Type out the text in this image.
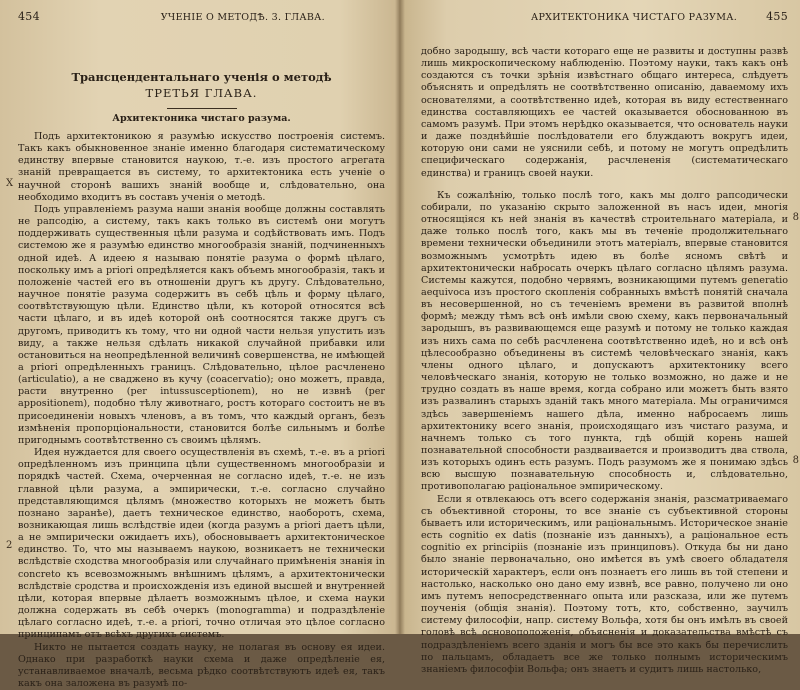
454	УЧЕНІЕ О МЕТОДѢ. 3. ГЛАВА.

Трансцендентальнаго ученія о методѣ

ТРЕТЬЯ ГЛАВА.

Архитектоника чистаго разума.

Подъ архитектоникою я разумѣю искусство построенія системъ. Такъ какъ обыкновенное знаніе именно благодаря систематическому единству впервые становится наукою, т.-е. изъ простого агрегата знаній превращается въ систему, то архитектоника есть ученіе о научной сторонѣ вашихъ знаній вообще и, слѣдовательно, она необходимо входитъ въ составъ ученія о методѣ.

Подъ управленіемъ разума наши знанія вообще должны составлять не рапсодію, а систему, такъ какъ только въ системѣ они могутъ поддерживать существенныя цѣли разума и содѣйствовать имъ. Подъ системою же я разумѣю единство многообразія знаній, подчиненныхъ одной идеѣ. А идеею я называю понятіе разума о формѣ цѣлаго, поскольку имъ a priori опредѣляется какъ объемъ многообразія, такъ и положеніе частей его въ отношеніи другъ къ другу. Слѣдовательно, научное понятіе разума содержитъ въ себѣ цѣль и форму цѣлаго, соотвѣтствующую цѣли. Единство цѣли, къ которой относятся всѣ части цѣлаго, и въ идеѣ которой онѣ соотносятся также другъ съ другомъ, приводитъ къ тому, что ни одной части нельзя упустить изъ виду, а также нельзя сдѣлать никакой случайной прибавки или остановиться на неопредѣленной величинѣ совершенства, не имѣющей a priori опредѣленныхъ границъ. Слѣдовательно, цѣлое расчленено (articulatio), а не сваджено въ кучу (coacervatio); оно можетъ, правда, расти внутренно (per intussusceptionem), но не извнѣ (per appositionem), подобно тѣлу животнаго, ростъ котораго состоитъ не въ присоединеніи новыхъ членовъ, а въ томъ, что каждый органъ, безъ измѣненія пропорціональности, становится болѣе сильнымъ и болѣе пригоднымъ соотвѣтственно съ своимъ цѣлямъ.

Идея нуждается для своего осуществленія въ схемѣ, т.-е. въ a priori опредѣленномъ изъ принципа цѣли существенномъ многообразіи и порядкѣ частей. Схема, очерченная не согласно идеѣ, т.-е. не изъ главной цѣли разума, а эмпирически, т.-е. согласно случайно представляющимся цѣлямъ (множество которыхъ не можетъ быть познано заранѣе), даетъ техническое единство, наоборотъ, схема, возникающая лишь вслѣдствіе идеи (когда разумъ a priori даетъ цѣли, а не эмпирически ожидаетъ ихъ), обосновываетъ архитектоническое единство. То, что мы называемъ наукою, возникаетъ не технически вслѣдствіе сходства многообразія или случайнаго примѣненія знанія in concreto къ всевозможнымъ внѣшнимъ цѣлямъ, а архитектонически вслѣдствіе сродства и происхожденія изъ единой высшей и внутренней цѣли, которая впервые дѣлаетъ возможнымъ цѣлое, и схема науки должна содержать въ себѣ очеркъ (monogramma) и подраздѣленіе цѣлаго согласно идеѣ, т.-е. a priori, точно отличая это цѣлое согласно принципамъ отъ всѣхъ другихъ системъ.

Никто не пытается создать науку, не полагая въ основу ея идеи. Однако при разработкѣ науки схема и даже опредѣленіе ея, устанавливаемое вначалѣ, весьма рѣдко соотвѣтствуютъ идеѣ ея, такъ какъ она заложена въ разумѣ по-

X
2
АРХИТЕКТОНИКА ЧИСТАГО РАЗУМА.	455

добно зародышу, всѣ части котораго еще не развиты и доступны развѣ лишь микроскопическому наблюденію. Поэтому науки, такъ какъ онѣ создаются съ точки зрѣнія извѣстнаго общаго интереса, слѣдуетъ объяснять и опредѣлять не соотвѣтственно описанію, даваемому ихъ основателями, а соотвѣтственно идеѣ, которая въ виду естественнаго единства составляющихъ ее частей оказывается обоснованною въ самомъ разумѣ. При этомъ нерѣдко оказывается, что основатель науки и даже позднѣйшіе послѣдователи его блуждаютъ вокругъ идеи, которую они сами не уяснили себѣ, и потому не могутъ опредѣлить специфическаго содержанія, расчлененія (систематическаго единства) и границъ своей науки.

Къ сожалѣнію, только послѣ того, какъ мы долго рапсодически собирали, по указанію скрыто заложенной въ насъ идеи, многія относящіяся къ ней знанія въ качествѣ строительнаго матеріала, и даже только послѣ того, какъ мы въ теченіе продолжительнаго времени технически объединили этотъ матеріалъ, впервые становится возможнымъ усмотрѣть идею въ болѣе ясномъ свѣтѣ и архитектонически набросать очеркъ цѣлаго согласно цѣлямъ разума. Системы кажутся, подобно червямъ, возникающими путемъ generatio aequivoca изъ простого скопленія собранныхъ вмѣстѣ понятій сначала въ несовершенной, но съ теченіемъ времени въ развитой вполнѣ формѣ; между тѣмъ всѣ онѣ имѣли свою схему, какъ первоначальный зародышъ, въ развивающемся еще разумѣ и потому не только каждая изъ нихъ сама по себѣ расчленена соотвѣтственно идеѣ, но и всѣ онѣ цѣлесообразно объединены въ системѣ человѣческаго знанія, какъ члены одного цѣлаго, и допускаютъ архитектонику всего человѣческаго знанія, которую не только возможно, но даже и не трудно создать въ наше время, когда собрано или можетъ быть взято изъ развалинъ старыхъ зданій такъ много матеріала. Мы ограничимся здѣсь завершеніемъ нашего дѣла, именно набросаемъ лишь архитектонику всего знанія, происходящаго изъ чистаго разума, и начнемъ только съ того пункта, гдѣ общій корень нашей познавательной способности раздваивается и производитъ два ствола, изъ которыхъ одинъ есть разумъ. Подъ разумомъ же я понимаю здѣсь всю высшую познавательную способность и, слѣдовательно, противополагаю раціональное эмпирическому.

Если я отвлекаюсь отъ всего содержанія знанія, разсматриваемаго съ объективной стороны, то все знаніе съ субъективной стороны бываетъ или историческимъ, или раціональнымъ. Историческое знаніе есть cognitio ex datis (познаніе изъ данныхъ), а раціональное есть cognitio ex principiis (познаніе изъ принциповъ). Откуда бы ни дано было знаніе первоначально, оно имѣется въ умѣ своего обладателя историческій характеръ, если онъ познаетъ его лишь въ той степени и настолько, насколько оно дано ему извнѣ, все равно, получено ли оно имъ путемъ непосредственнаго опыта или разсказа, или же путемъ поученія (общія знанія). Поэтому тотъ, кто, собственно, заучилъ систему философіи, напр. систему Вольфа, хотя бы онъ имѣлъ въ своей головѣ всѣ основоположенія, объясненія и доказательства вмѣстѣ съ подраздѣленіемъ всего зданія и могъ бы все это какъ бы перечислить по пальцамъ, обладаетъ все же только полнымъ историческимъ знаніемъ философіи Вольфа; онъ знаетъ и судитъ лишь настолько,

8
8
